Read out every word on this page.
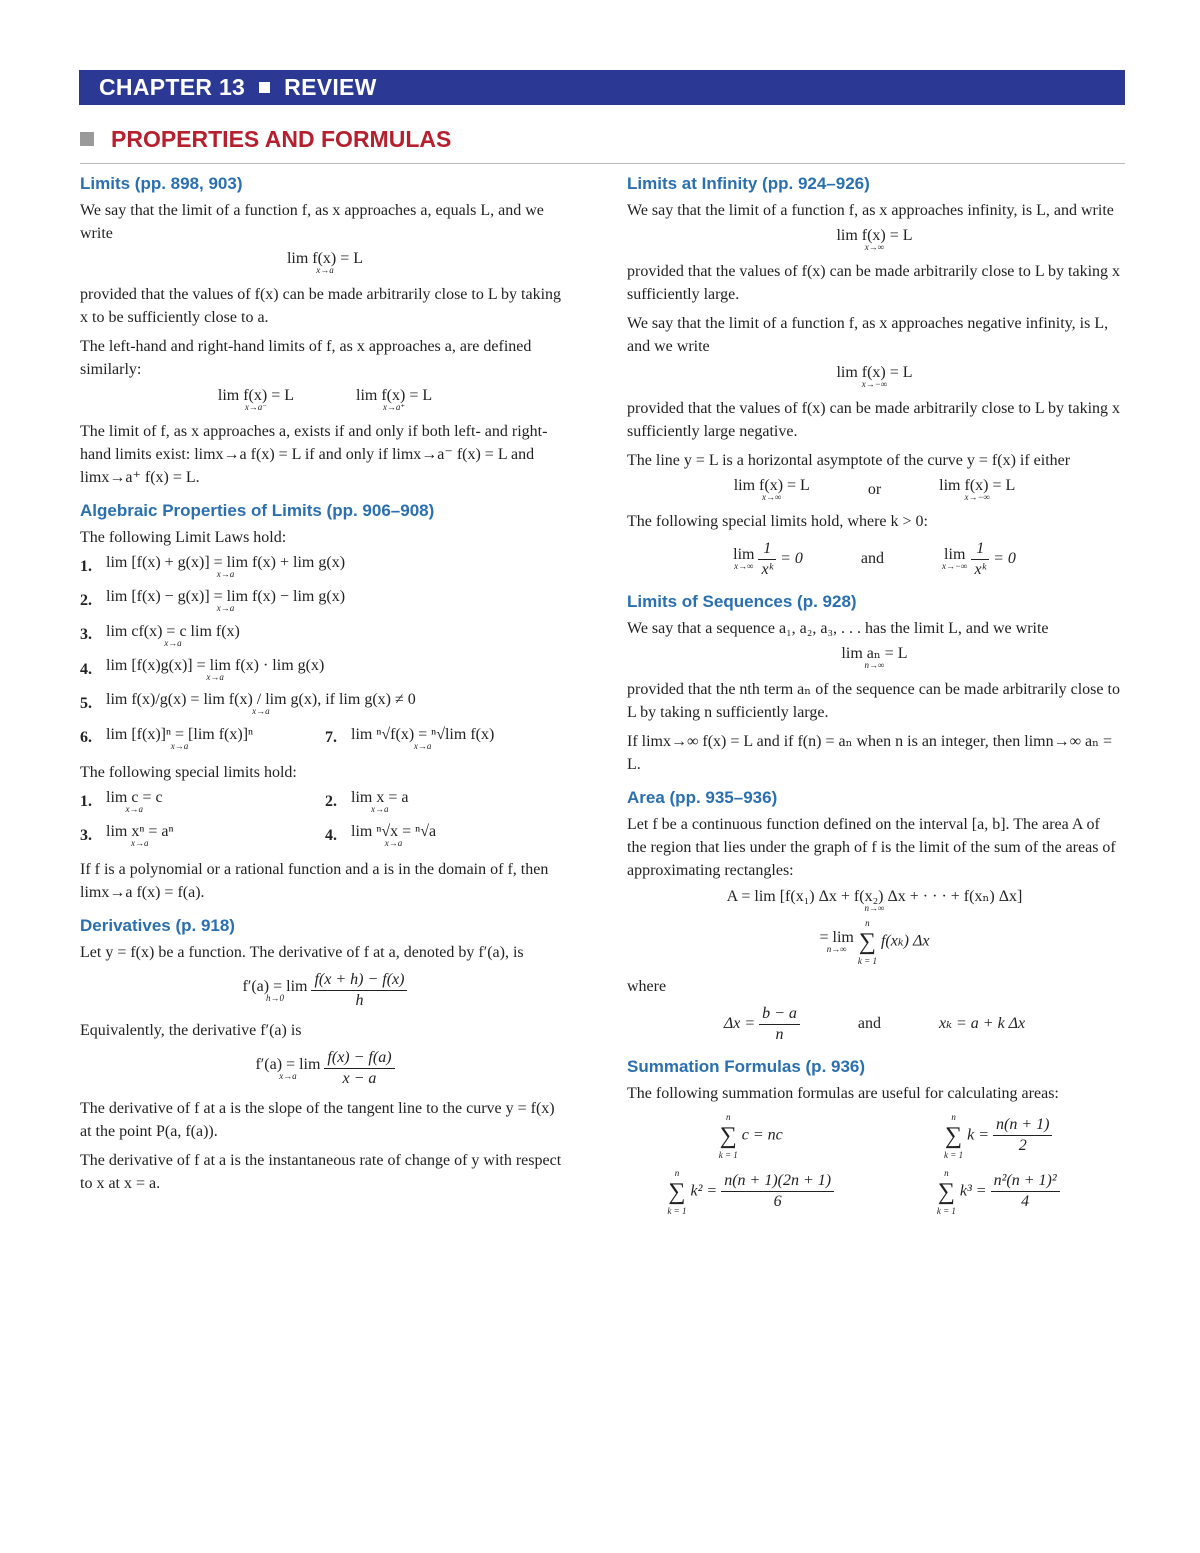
CHAPTER 13 REVIEW
PROPERTIES AND FORMULAS
Limits (pp. 898, 903)

We say that the limit of a function f, as x approaches a, equals L, and we write

lim f(x) = L
x→a

provided that the values of f(x) can be made arbitrarily close to L by taking x to be sufficiently close to a.

The left-hand and right-hand limits of f, as x approaches a, are defined similarly:

lim f(x) = L
x→a⁻

lim f(x) = L
x→a⁺

The limit of f, as x approaches a, exists if and only if both left- and right-hand limits exist: limx→a f(x) = L if and only if limx→a⁻ f(x) = L and limx→a⁺ f(x) = L.

Algebraic Properties of Limits (pp. 906–908)

The following Limit Laws hold:

1. lim [f(x) + g(x)] = lim f(x) + lim g(x)
x→a
2. lim [f(x) − g(x)] = lim f(x) − lim g(x)
x→a
3. lim cf(x) = c lim f(x)
x→a
4. lim [f(x)g(x)] = lim f(x) · lim g(x)
x→a
5. lim f(x)/g(x) = lim f(x) / lim g(x), if lim g(x) ≠ 0
x→a
6. lim [f(x)]ⁿ = [lim f(x)]ⁿ
x→a	7. lim ⁿ√f(x) = ⁿ√lim f(x)
x→a

The following special limits hold:

1. lim c = c
x→a	2. lim x = a
x→a
3. lim xⁿ = aⁿ
x→a	4. lim ⁿ√x = ⁿ√a
x→a

If f is a polynomial or a rational function and a is in the domain of f, then limx→a f(x) = f(a).

Derivatives (p. 918)

Let y = f(x) be a function. The derivative of f at a, denoted by f′(a), is

f′(a) = lim
h→0
	$\frac{f(x + h) - f(x)}{h}$

Equivalently, the derivative f′(a) is

f′(a) = lim
x→a
	$\frac{f(x) - f(a)}{x - a}$

The derivative of f at a is the slope of the tangent line to the curve y = f(x) at the point P(a, f(a)).

The derivative of f at a is the instantaneous rate of change of y with respect to x at x = a.

Limits at Infinity (pp. 924–926)

We say that the limit of a function f, as x approaches infinity, is L, and write

lim f(x) = L
x→∞

provided that the values of f(x) can be made arbitrarily close to L by taking x sufficiently large.

We say that the limit of a function f, as x approaches negative infinity, is L, and we write

lim f(x) = L
x→−∞

provided that the values of f(x) can be made arbitrarily close to L by taking x sufficiently large negative.

The line y = L is a horizontal asymptote of the curve y = f(x) if either

lim f(x) = L
x→∞	or	lim f(x) = L
x→−∞

The following special limits hold, where k > 0:

lim
x→∞
$\frac{1}{\text{xᵏ}} = 0$	and	lim
x→−∞
$\frac{1}{\text{xᵏ}} = 0$
Limits of Sequences (p. 928)

We say that a sequence a₁, a₂, a₃, . . . has the limit L, and we write

lim aₙ = L
n→∞

provided that the nth term aₙ of the sequence can be made arbitrarily close to L by taking n sufficiently large.

If limx→∞ f(x) = L and if f(n) = aₙ when n is an integer, then limn→∞ aₙ = L.

Area (pp. 935–936)

Let f be a continuous function defined on the interval [a, b]. The area A of the region that lies under the graph of f is the limit of the sum of the areas of approximating rectangles:

A = lim [f(x₁) Δx + f(x₂) Δx + · · · + f(xₙ) Δx]
n→∞
= lim
n→∞

n
∑
k = 1
f(xₖ) Δx

where

$\Delta x = \frac{b - a}{n}$	and	xₖ = a + k Δx
Summation Formulas (p. 936)

The following summation formulas are useful for calculating areas:

n
∑
k = 1
c = nc
n
∑
k = 1
$k = \frac{n(n + 1)}{2}$
n
∑
k = 1
$k^2 = \frac{n(n + 1)(2n + 1)}{6}$	n
∑
k = 1
$k^3 = \frac{\text{n²(n + 1)²}}{4}$
